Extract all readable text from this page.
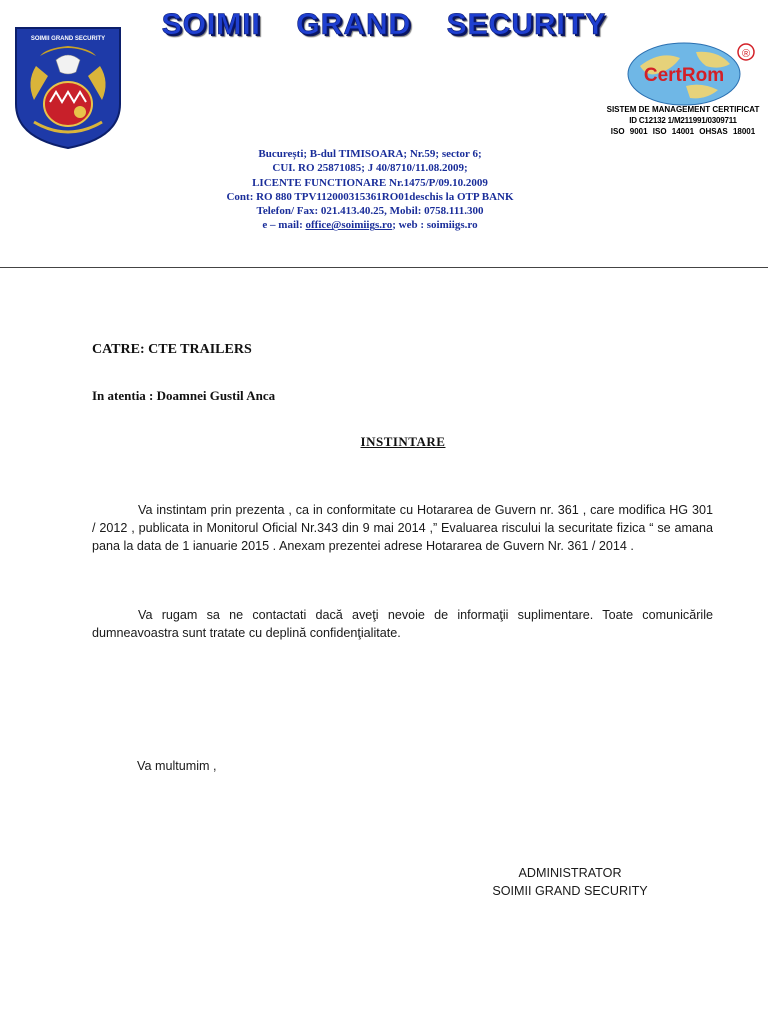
SOIMII GRAND SECURITY
SOIMII GRAND SECURITY
CertRom
®
SISTEM DE MANAGEMENT CERTIFICAT
ID C12132 1/M211991/0309711
ISO 9001 ISO 14001 OHSAS 18001
București; B-dul TIMISOARA; Nr.59; sector 6;
CUI. RO 25871085; J 40/8710/11.08.2009;
LICENTE FUNCTIONARE Nr.1475/P/09.10.2009
Cont: RO 880 TPV112000315361RO01deschis la OTP BANK
Telefon/ Fax: 021.413.40.25, Mobil: 0758.111.300
e – mail: office@soimiigs.ro; web : soimiigs.ro
CATRE: CTE TRAILERS
In atentia : Doamnei Gustil Anca
INSTINTARE
Va instintam prin prezenta , ca in conformitate cu Hotararea de Guvern nr. 361 , care modifica HG 301 / 2012 , publicata in Monitorul Oficial Nr.343 din 9 mai 2014 ,” Evaluarea riscului la securitate fizica “ se amana pana la data de 1 ianuarie 2015 . Anexam prezentei adrese Hotararea de Guvern Nr. 361 / 2014 .
Va rugam sa ne contactati dacă aveţi nevoie de informaţii suplimentare. Toate comunicările dumneavoastra sunt tratate cu deplină confidenţialitate.
Va multumim ,
ADMINISTRATOR
SOIMII GRAND SECURITY
